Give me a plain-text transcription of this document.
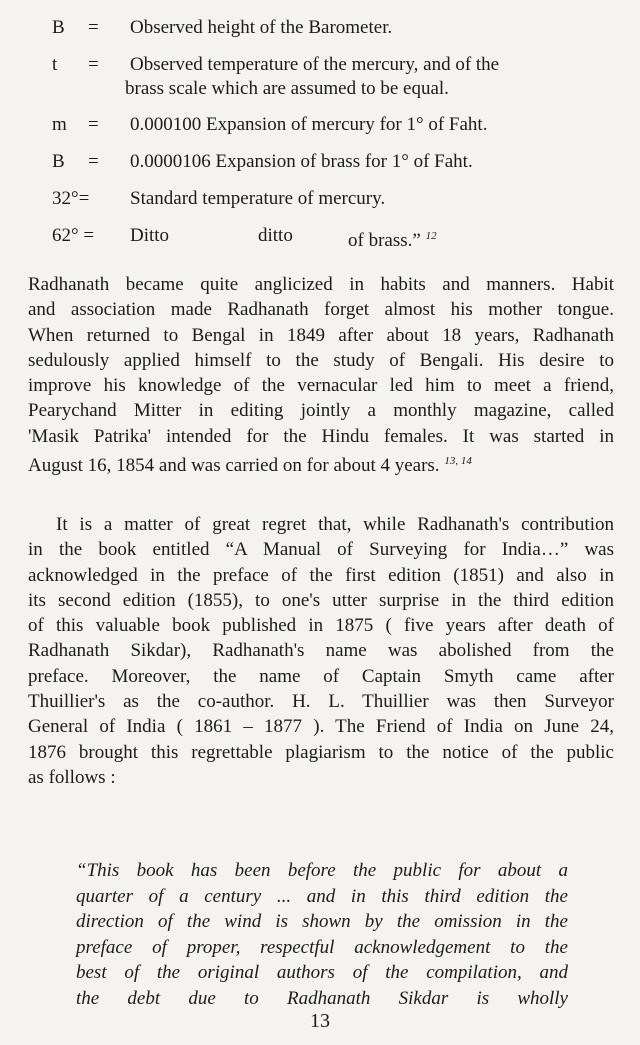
B = Observed height of the Barometer.
t = Observed temperature of the mercury, and of the
brass scale which are assumed to be equal.
m = 0.000100 Expansion of mercury for 1° of Faht.
B = 0.0000106 Expansion of brass for 1° of Faht.
32°= Standard temperature of mercury.
62° = Ditto	ditto	of brass.” $^{12}$
Radhanath became quite anglicized in habits and manners. Habit
and association made Radhanath forget almost his mother tongue.
When returned to Bengal in 1849 after about 18 years, Radhanath
sedulously applied himself to the study of Bengali. His desire to
improve his knowledge of the vernacular led him to meet a friend,
Pearychand Mitter in editing jointly a monthly magazine, called
'Masik Patrika' intended for the Hindu females. It was started in
August 16, 1854 and was carried on for about 4 years. $^{13, 14}$
It is a matter of great regret that, while Radhanath's contribution
in the book entitled “A Manual of Surveying for India…” was
acknowledged in the preface of the first edition (1851) and also in
its second edition (1855), to one's utter surprise in the third edition
of this valuable book published in 1875 ( five years after death of
Radhanath Sikdar), Radhanath's name was abolished from the
preface. Moreover, the name of Captain Smyth came after
Thuillier's as the co-author. H. L. Thuillier was then Surveyor
General of India ( 1861 – 1877 ). The Friend of India on June 24,
1876 brought this regrettable plagiarism to the notice of the public
as follows :
“This book has been before the public for about a
quarter of a century ... and in this third edition the
direction of the wind is shown by the omission in the
preface of proper, respectful acknowledgement to the
best of the original authors of the compilation, and
the debt due to Radhanath Sikdar is wholly
13
